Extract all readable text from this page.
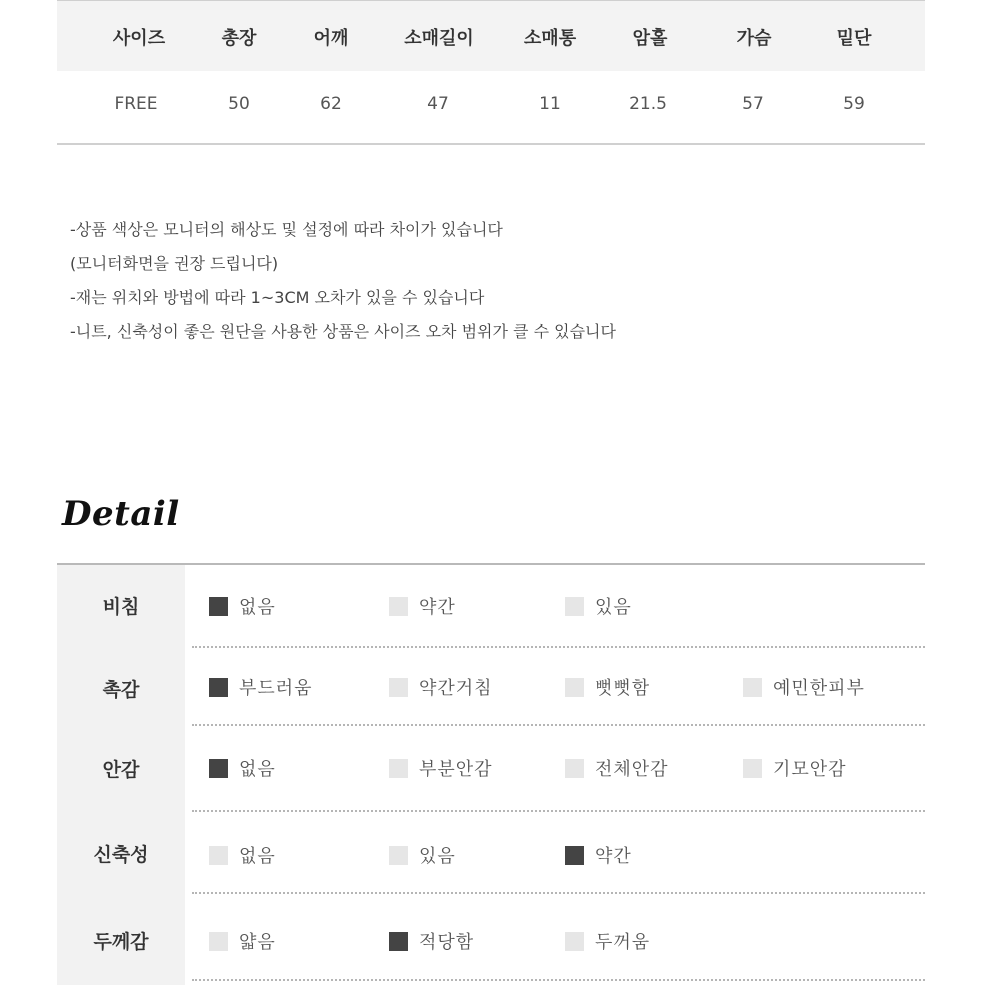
사이즈	총장	어깨	소매길이	소매통	암홀	가슴	밑단
FREE	50	62	47	11	21.5	57	59
-상품 색상은 모니터의 해상도 및 설정에 따라 차이가 있습니다
(모니터화면을 권장 드립니다)
-재는 위치와 방법에 따라 1~3CM 오차가 있을 수 있습니다
-니트, 신축성이 좋은 원단을 사용한 상품은 사이즈 오차 범위가 클 수 있습니다
Detail
비침	없음	약간	있음
촉감	부드러움	약간거침	뻣뻣함	예민한피부
안감	없음	부분안감	전체안감	기모안감
신축성	없음	있음	약간
두께감	얇음	적당함	두꺼움
